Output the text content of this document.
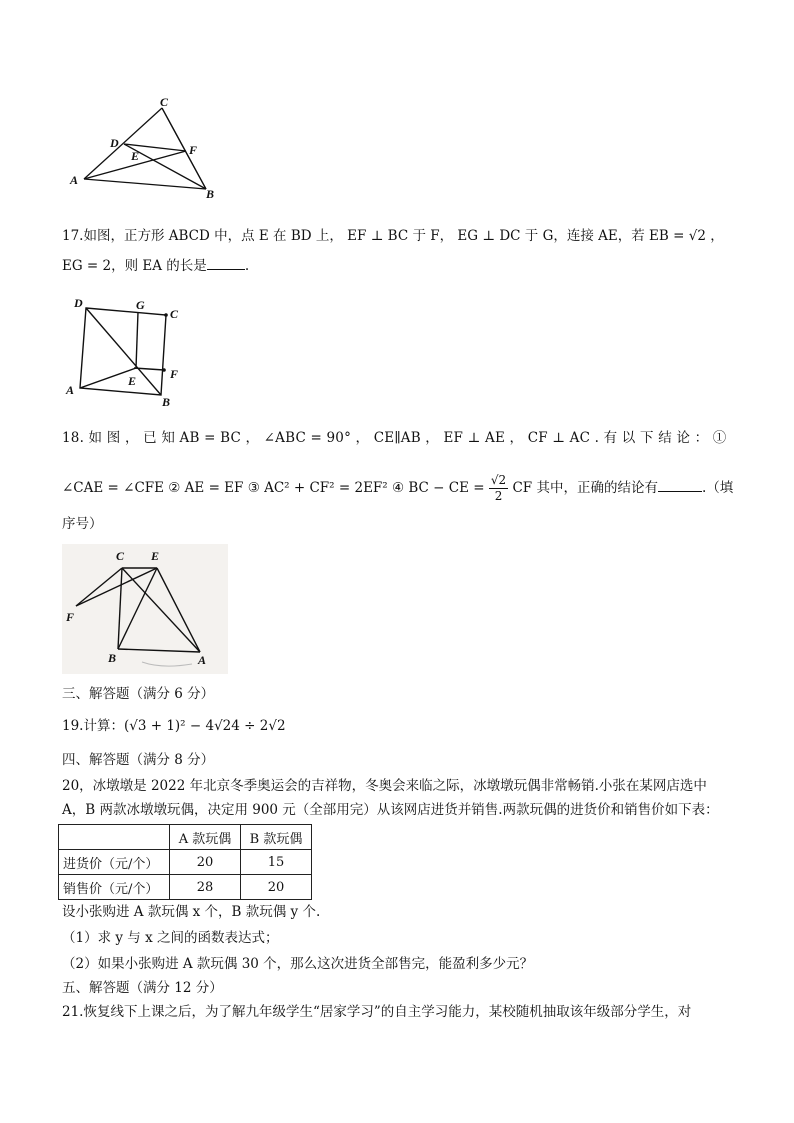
C
D
E	F
A
B
17.如图，正方形 ABCD 中，点 E 在 BD 上， EF ⊥ BC 于 F， EG ⊥ DC 于 G，连接 AE，若 EB = √2 ，
EG = 2，则 EA 的长是	.
D	G
C
F
E
A
B
18. 如 图 ， 已 知 AB = BC ， ∠ABC = 90° ， CE∥AB ， EF ⊥ AE ， CF ⊥ AC . 有 以 下 结 论 ： ①
∠CAE = ∠CFE ② AE = EF ③ AC² + CF² = 2EF² ④ BC − CE = $\frac{√2}{2}$ CF 其中，正确的结论有	.（填
序号）
C E
F
B	A
三、解答题（满分 6 分）
19.计算：(√3 + 1)² − 4√24 ÷ 2√2
四、解答题（满分 8 分）
20，冰墩墩是 2022 年北京冬季奥运会的吉祥物，冬奥会来临之际，冰墩墩玩偶非常畅销.小张在某网店选中
A，B 两款冰墩墩玩偶，决定用 900 元（全部用完）从该网店进货并销售.两款玩偶的进货价和销售价如下表：
	A 款玩偶	B 款玩偶
进货价（元/个）	20	15
销售价（元/个）	28	20
设小张购进 A 款玩偶 x 个，B 款玩偶 y 个.
（1）求 y 与 x 之间的函数表达式；
（2）如果小张购进 A 款玩偶 30 个，那么这次进货全部售完，能盈利多少元？
五、解答题（满分 12 分）
21.恢复线下上课之后，为了解九年级学生“居家学习”的自主学习能力，某校随机抽取该年级部分学生，对
